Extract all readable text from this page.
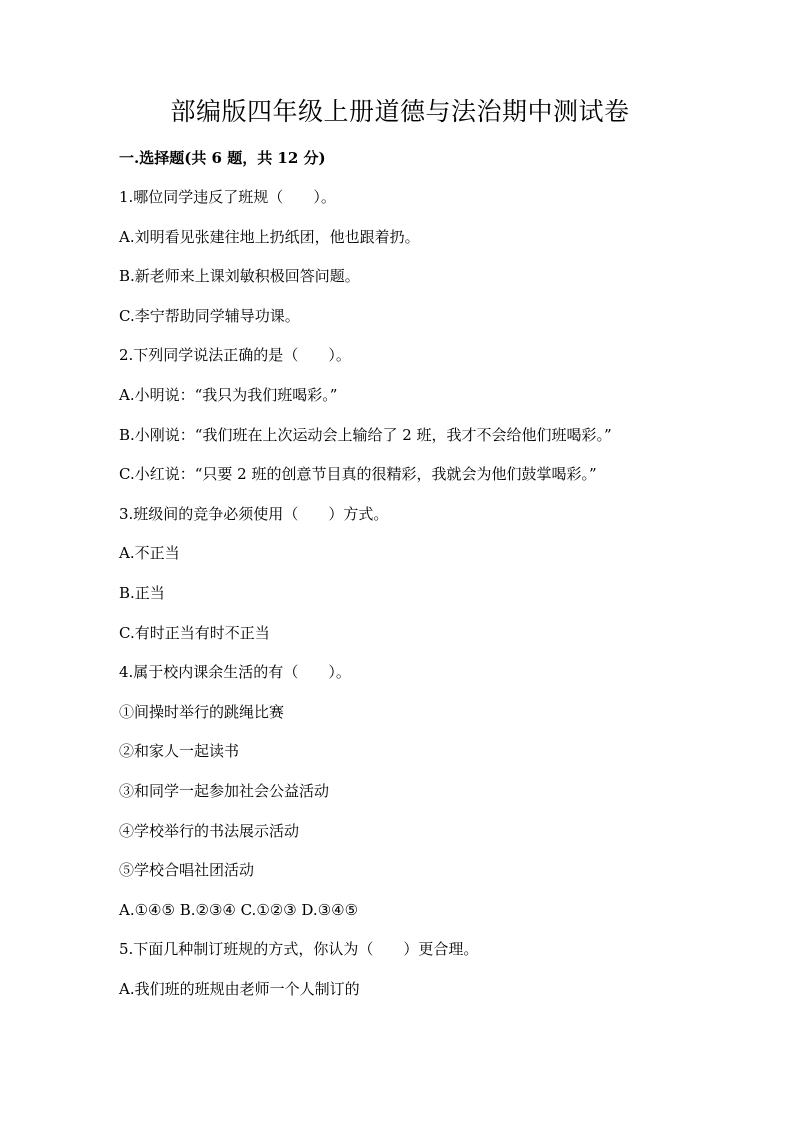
部编版四年级上册道德与法治期中测试卷
一.选择题(共 6 题，共 12 分)
1.哪位同学违反了班规（　　）。
A.刘明看见张建往地上扔纸团，他也跟着扔。
B.新老师来上课刘敏积极回答问题。
C.李宁帮助同学辅导功课。
2.下列同学说法正确的是（　　）。
A.小明说：“我只为我们班喝彩。”
B.小刚说：“我们班在上次运动会上输给了 2 班，我才不会给他们班喝彩。”
C.小红说：“只要 2 班的创意节目真的很精彩，我就会为他们鼓掌喝彩。”
3.班级间的竞争必须使用（　　）方式。
A.不正当
B.正当
C.有时正当有时不正当
4.属于校内课余生活的有（　　）。
①间操时举行的跳绳比赛
②和家人一起读书
③和同学一起参加社会公益活动
④学校举行的书法展示活动
⑤学校合唱社团活动
A.①④⑤ B.②③④ C.①②③ D.③④⑤
5.下面几种制订班规的方式，你认为（　　）更合理。
A.我们班的班规由老师一个人制订的
